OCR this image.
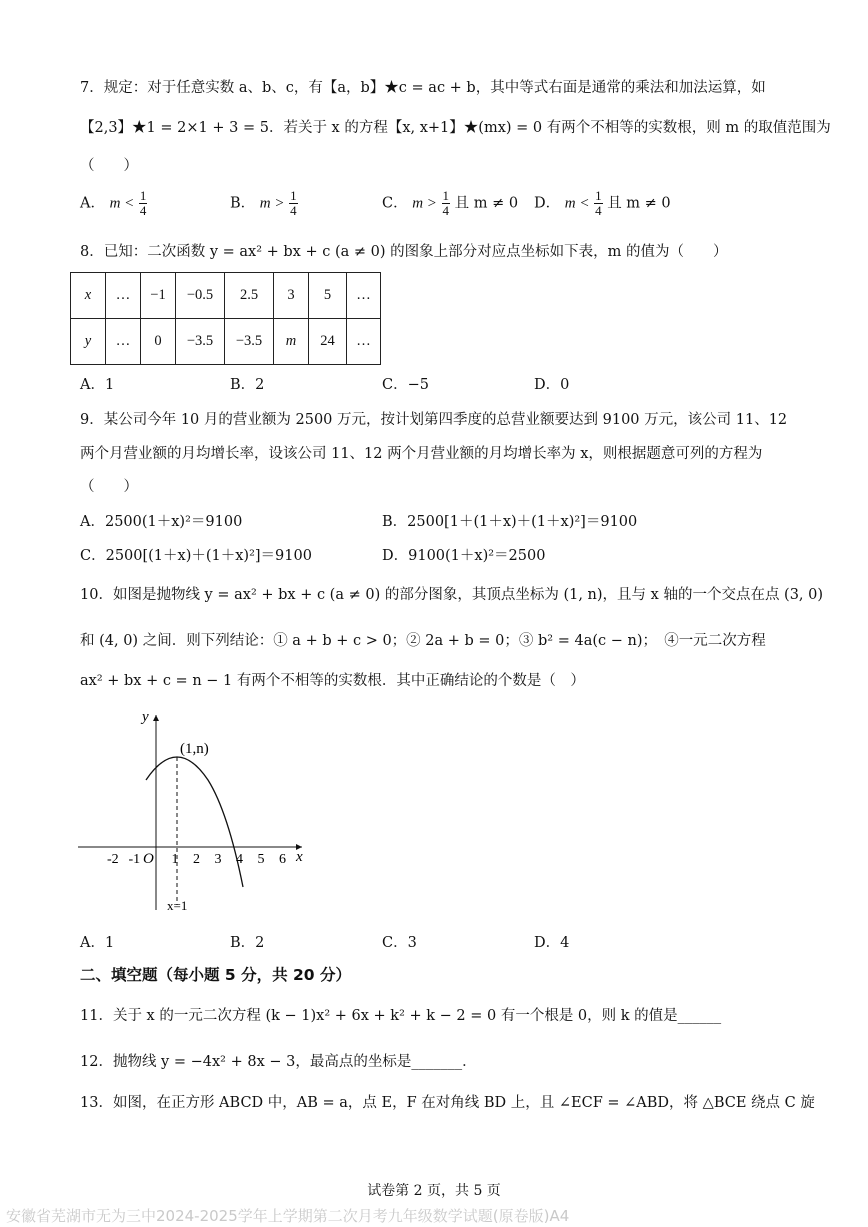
7．规定：对于任意实数 a、b、c，有【a，b】★c = ac + b，其中等式右面是通常的乘法和加法运算，如
【2,3】★1 = 2×1 + 3 = 5．若关于 x 的方程【x, x+1】★(mx) = 0 有两个不相等的实数根，则 m 的取值范围为
（　　）
A． $m < \frac{1}{4}$	B． $m > \frac{1}{4}$	C． $m > \frac{1}{4}$ 且 m ≠ 0 D． $m < \frac{1}{4}$ 且 m ≠ 0
8．已知：二次函数 y = ax² + bx + c (a ≠ 0) 的图象上部分对应点坐标如下表，m 的值为（　　）
x	…	−1	−0.5	2.5	3	5	…
y	…	0	−3.5	−3.5	m	24	…
A．1	B．2	C．−5	D．0
9．某公司今年 10 月的营业额为 2500 万元，按计划第四季度的总营业额要达到 9100 万元，该公司 11、12
两个月营业额的月均增长率，设该公司 11、12 两个月营业额的月均增长率为 x，则根据题意可列的方程为
（　　）
A．2500(1＋x)²＝9100	B．2500[1＋(1＋x)＋(1＋x)²]＝9100
C．2500[(1＋x)＋(1＋x)²]＝9100	D．9100(1＋x)²＝2500
10．如图是抛物线 y = ax² + bx + c (a ≠ 0) 的部分图象，其顶点坐标为 (1, n)，且与 x 轴的一个交点在点 (3, 0)
和 (4, 0) 之间．则下列结论：① a + b + c > 0；② 2a + b = 0；③ b² = 4a(c − n)；　④一元二次方程
ax² + bx + c = n − 1 有两个不相等的实数根．其中正确结论的个数是（　）
y
x
O
(1,n)
x=1
-2 -1 1 2 3 4 5 6
A．1	B．2	C．3	D．4
二、填空题（每小题 5 分，共 20 分）
11．关于 x 的一元二次方程 (k − 1)x² + 6x + k² + k − 2 = 0 有一个根是 0，则 k 的值是______
12．抛物线 y = −4x² + 8x − 3，最高点的坐标是_______．
13．如图，在正方形 ABCD 中，AB = a，点 E，F 在对角线 BD 上，且 ∠ECF = ∠ABD，将 △BCE 绕点 C 旋
试卷第 2 页，共 5 页
安徽省芜湖市无为三中2024-2025学年上学期第二次月考九年级数学试题(原卷版)A4
